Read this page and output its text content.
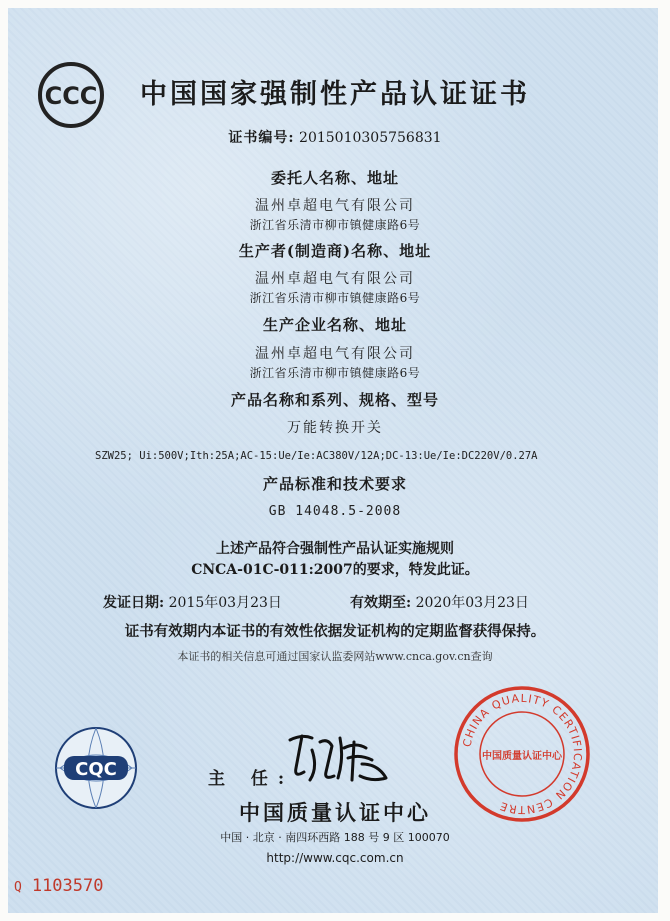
CCC	中国国家强制性产品认证证书
证书编号: 2015010305756831
委托人名称、地址
温州卓超电气有限公司
浙江省乐清市柳市镇健康路6号
生产者(制造商)名称、地址
温州卓超电气有限公司
浙江省乐清市柳市镇健康路6号
生产企业名称、地址
温州卓超电气有限公司
浙江省乐清市柳市镇健康路6号
产品名称和系列、规格、型号
万能转换开关
SZW25; Ui:500V;Ith:25A;AC-15:Ue/Ie:AC380V/12A;DC-13:Ue/Ie:DC220V/0.27A
产品标准和技术要求
GB 14048.5-2008
上述产品符合强制性产品认证实施规则
CNCA-01C-011:2007的要求，特发此证。
发证日期: 2015年03月23日	有效期至: 2020年03月23日
证书有效期内本证书的有效性依据发证机构的定期监督获得保持。
本证书的相关信息可通过国家认监委网站www.cnca.gov.cn查询
CQC	主 任:
中国质量认证中心
中国 · 北京 · 南四环西路 188 号 9 区 100070
http://www.cqc.com.cn
CHINA QUALITY CERTIFICATION CENTRE
中国质量认证中心
Q 1103570
